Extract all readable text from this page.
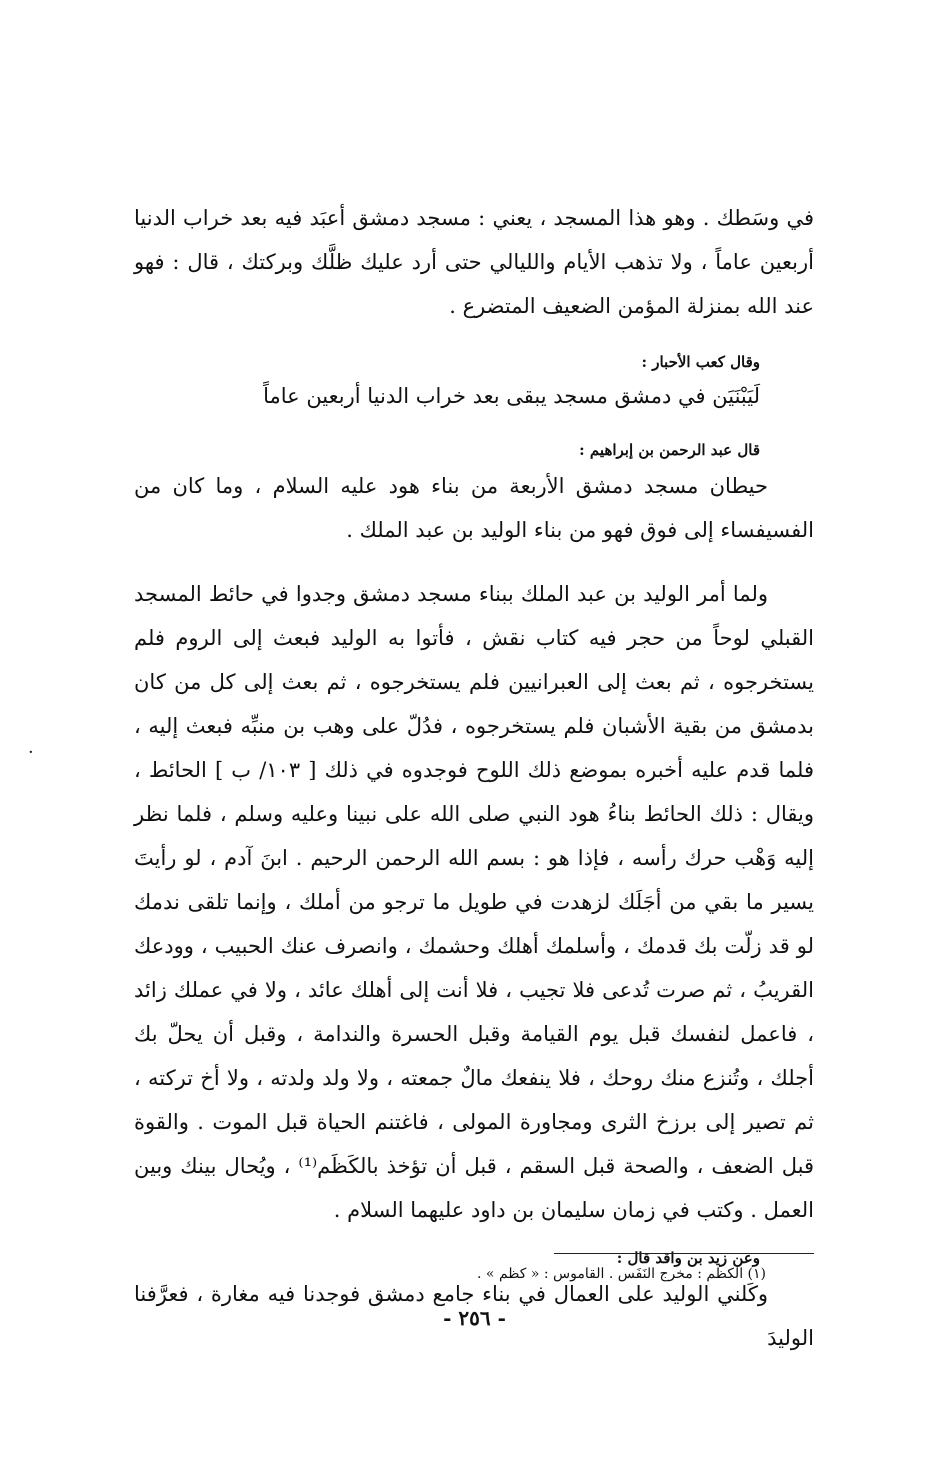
في وسَطك . وهو هذا المسجد ، يعني : مسجد دمشق أعبَد فيه بعد خراب الدنيا أربعين عاماً ، ولا تذهب الأيام والليالي حتى أرد عليك ظلَّك وبركتك ، قال : فهو عند الله بمنزلة المؤمن الضعيف المتضرع .

وقال كعب الأحبار :

لَيَبْنَيَن في دمشق مسجد يبقى بعد خراب الدنيا أربعين عاماً

قال عبد الرحمن بن إبراهيم :

حيطان مسجد دمشق الأربعة من بناء هود عليه السلام ، وما كان من الفسيفساء إلى فوق فهو من بناء الوليد بن عبد الملك .

ولما أمر الوليد بن عبد الملك ببناء مسجد دمشق وجدوا في حائط المسجد القبلي لوحاً من حجر فيه كتاب نقش ، فأتوا به الوليد فبعث إلى الروم فلم يستخرجوه ، ثم بعث إلى العبرانيين فلم يستخرجوه ، ثم بعث إلى كل من كان بدمشق من بقية الأشبان فلم يستخرجوه ، فدُلّ على وهب بن منبِّه فبعث إليه ، فلما قدم عليه أخبره بموضع ذلك اللوح فوجدوه في ذلك [ ١٠٣/ ب ] الحائط ، ويقال : ذلك الحائط بناءُ هود النبي صلى الله على نبينا وعليه وسلم ، فلما نظر إليه وَهْب حرك رأسه ، فإذا هو : بسم الله الرحمن الرحيم . ابنَ آدم ، لو رأيتَ يسير ما بقي من أجَلَك لزهدت في طويل ما ترجو من أملك ، وإنما تلقى ندمك لو قد زلّت بك قدمك ، وأسلمك أهلك وحشمك ، وانصرف عنك الحبيب ، وودعك القريبُ ، ثم صرت تُدعى فلا تجيب ، فلا أنت إلى أهلك عائد ، ولا في عملك زائد ، فاعمل لنفسك قبل يوم القيامة وقبل الحسرة والندامة ، وقبل أن يحلّ بك أجلك ، وتُنزع منك روحك ، فلا ينفعك مالٌ جمعته ، ولا ولد ولدته ، ولا أخ تركته ، ثم تصير إلى برزخ الثرى ومجاورة المولى ، فاغتنم الحياة قبل الموت . والقوة قبل الضعف ، والصحة قبل السقم ، قبل أن تؤخذ بالكَظَم⁽¹⁾ ، ويُحال بينك وبين العمل . وكتب في زمان سليمان بن داود عليهما السلام .

وعن زيد بن واقد قال :

وكَلني الوليد على العمال في بناء جامع دمشق فوجدنا فيه مغارة ، فعرَّفنا الوليدَ

(١) الكظم : مخرج النَفَس . القاموس : « كظم » .

- ٢٥٦ -
·
